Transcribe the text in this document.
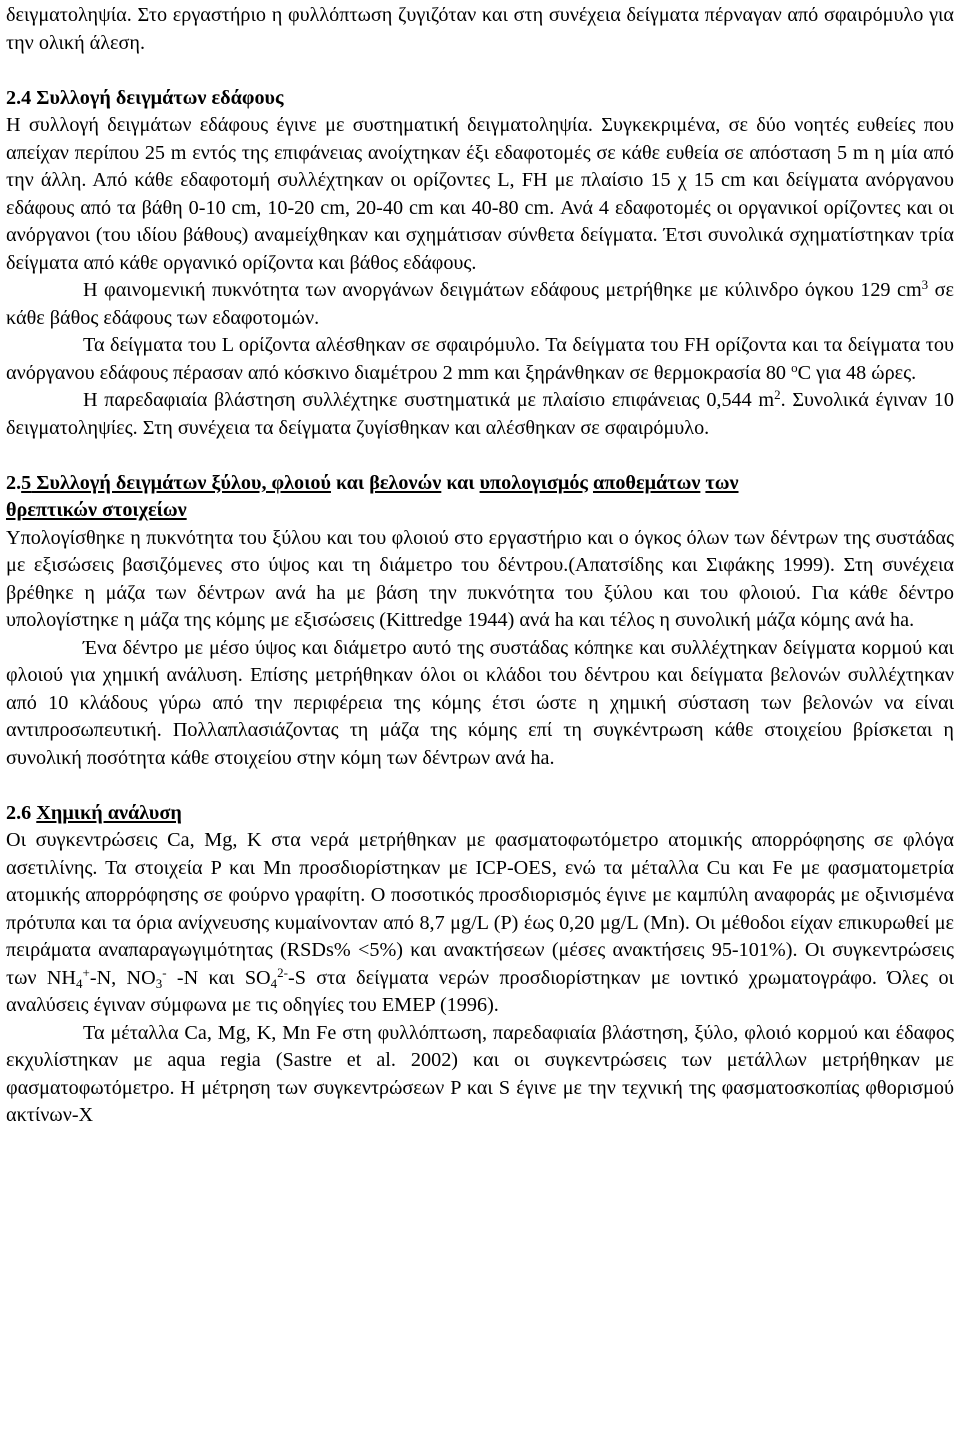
δειγματοληψία. Στο εργαστήριο η φυλλόπτωση ζυγιζόταν και στη συνέχεια δείγματα πέρναγαν από σφαιρόμυλο για την ολική άλεση.

2.4 Συλλογή δειγμάτων εδάφους

Η συλλογή δειγμάτων εδάφους έγινε με συστηματική δειγματοληψία. Συγκεκριμένα, σε δύο νοητές ευθείες που απείχαν περίπου 25 m εντός της επιφάνειας ανοίχτηκαν έξι εδαφοτομές σε κάθε ευθεία σε απόσταση 5 m η μία από την άλλη. Από κάθε εδαφοτομή συλλέχτηκαν οι ορίζοντες L, FH με πλαίσιο 15 χ 15 cm και δείγματα ανόργανου εδάφους από τα βάθη 0-10 cm, 10-20 cm, 20-40 cm και 40-80 cm. Ανά 4 εδαφοτομές οι οργανικοί ορίζοντες και οι ανόργανοι (του ιδίου βάθους) αναμείχθηκαν και σχημάτισαν σύνθετα δείγματα. Έτσι συνολικά σχηματίστηκαν τρία δείγματα από κάθε οργανικό ορίζοντα και βάθος εδάφους.

Η φαινομενική πυκνότητα των ανοργάνων δειγμάτων εδάφους μετρήθηκε με κύλινδρο όγκου 129 $cm^3$ σε κάθε βάθος εδάφους των εδαφοτομών.

Τα δείγματα του L ορίζοντα αλέσθηκαν σε σφαιρόμυλο. Τα δείγματα του FH ορίζοντα και τα δείγματα του ανόργανου εδάφους πέρασαν από κόσκινο διαμέτρου 2 mm και ξηράνθηκαν σε θερμοκρασία 80 $^o$C για 48 ώρες.

Η παρεδαφιαία βλάστηση συλλέχτηκε συστηματικά με πλαίσιο επιφάνειας 0,544 $m^2$. Συνολικά έγιναν 10 δειγματοληψίες. Στη συνέχεια τα δείγματα ζυγίσθηκαν και αλέσθηκαν σε σφαιρόμυλο.

2.5 Συλλογή δειγμάτων ξύλου, φλοιού και βελονών και υπολογισμός αποθεμάτων των
θρεπτικών στοιχείων

Υπολογίσθηκε η πυκνότητα του ξύλου και του φλοιού στο εργαστήριο και ο όγκος όλων των δέντρων της συστάδας με εξισώσεις βασιζόμενες στο ύψος και τη διάμετρο του δέντρου.(Απατσίδης και Σιφάκης 1999). Στη συνέχεια βρέθηκε η μάζα των δέντρων ανά ha με βάση την πυκνότητα του ξύλου και του φλοιού. Για κάθε δέντρο υπολογίστηκε η μάζα της κόμης με εξισώσεις (Kittredge 1944) ανά ha και τέλος η συνολική μάζα κόμης ανά ha.

Ένα δέντρο με μέσο ύψος και διάμετρο αυτό της συστάδας κόπηκε και συλλέχτηκαν δείγματα κορμού και φλοιού για χημική ανάλυση. Επίσης μετρήθηκαν όλοι οι κλάδοι του δέντρου και δείγματα βελονών συλλέχτηκαν από 10 κλάδους γύρω από την περιφέρεια της κόμης έτσι ώστε η χημική σύσταση των βελονών να είναι αντιπροσωπευτική. Πολλαπλασιάζοντας τη μάζα της κόμης επί τη συγκέντρωση κάθε στοιχείου βρίσκεται η συνολική ποσότητα κάθε στοιχείου στην κόμη των δέντρων ανά ha.

2.6 Χημική ανάλυση

Οι συγκεντρώσεις Ca, Mg, K στα νερά μετρήθηκαν με φασματοφωτόμετρο ατομικής απορρόφησης σε φλόγα ασετιλίνης. Τα στοιχεία P και Mn προσδιορίστηκαν με ICP-OES, ενώ τα μέταλλα Cu και Fe με φασματομετρία ατομικής απορρόφησης σε φούρνο γραφίτη. Ο ποσοτικός προσδιορισμός έγινε με καμπύλη αναφοράς με οξινισμένα πρότυπα και τα όρια ανίχνευσης κυμαίνονταν από 8,7 μg/L (P) έως 0,20 μg/L (Mn). Οι μέθοδοι είχαν επικυρωθεί με πειράματα αναπαραγωγιμότητας (RSDs% <5%) και ανακτήσεων (μέσες ανακτήσεις 95-101%). Οι συγκεντρώσεις των $NH_4^+-N$, $NO_3^-$ -N και $SO_4^{2-}-S$ στα δείγματα νερών προσδιορίστηκαν με ιοντικό χρωματογράφο. Όλες οι αναλύσεις έγιναν σύμφωνα με τις οδηγίες του EMEP (1996).

Τα μέταλλα Ca, Mg, K, Mn Fe στη φυλλόπτωση, παρεδαφιαία βλάστηση, ξύλο, φλοιό κορμού και έδαφος εκχυλίστηκαν με aqua regia (Sastre et al. 2002) και οι συγκεντρώσεις των μετάλλων μετρήθηκαν με φασματοφωτόμετρο. Η μέτρηση των συγκεντρώσεων P και S έγινε με την τεχνική της φασματοσκοπίας φθορισμού ακτίνων-X
